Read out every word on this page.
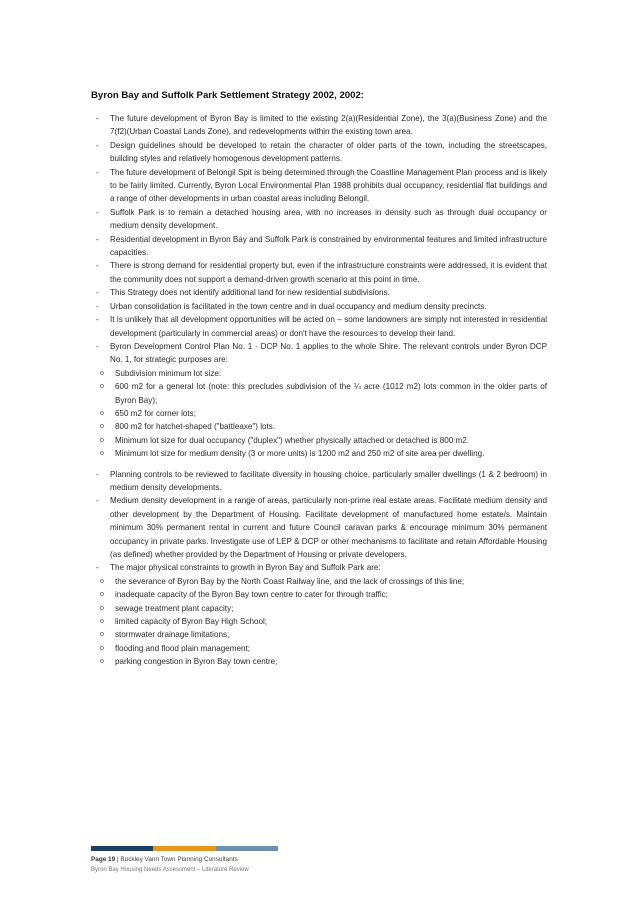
Byron Bay and Suffolk Park Settlement Strategy 2002, 2002:
- The future development of Byron Bay is limited to the existing 2(a)(Residential Zone), the 3(a)(Business Zone) and the 7(f2)(Urban Coastal Lands Zone), and redevelopments within the existing town area.
- Design guidelines should be developed to retain the character of older parts of the town, including the streetscapes, building styles and relatively homogenous development patterns.
- The future development of Belongil Spit is being determined through the Coastline Management Plan process and is likely to be fairly limited. Currently, Byron Local Environmental Plan 1988 prohibits dual occupancy, residential flat buildings and a range of other developments in urban coastal areas including Belongil.
- Suffolk Park is to remain a detached housing area, with no increases in density such as through dual occupancy or medium density development.
- Residential development in Byron Bay and Suffolk Park is constrained by environmental features and limited infrastructure capacities.
- There is strong demand for residential property but, even if the infrastructure constraints were addressed, it is evident that the community does not support a demand-driven growth scenario at this point in time.
- This Strategy does not identify additional land for new residential subdivisions.
- Urban consolidation is facilitated in the town centre and in dual occupancy and medium density precincts.
- It is unlikely that all development opportunities will be acted on – some landowners are simply not interested in residential development (particularly in commercial areas) or don't have the resources to develop their land.
- Byron Development Control Plan No. 1 - DCP No. 1 applies to the whole Shire. The relevant controls under Byron DCP No. 1, for strategic purposes are:
o Subdivision minimum lot size:
o 600 m2 for a general lot (note: this precludes subdivision of the ¼ acre (1012 m2) lots common in the older parts of Byron Bay);
o 650 m2 for corner lots;
o 800 m2 for hatchet-shaped ("battleaxe") lots.
o Minimum lot size for dual occupancy ("duplex") whether physically attached or detached is 800 m2.
o Minimum lot size for medium density (3 or more units) is 1200 m2 and 250 m2 of site area per dwelling.
- Planning controls to be reviewed to facilitate diversity in housing choice, particularly smaller dwellings (1 & 2 bedroom) in medium density developments.
- Medium density development in a range of areas, particularly non-prime real estate areas. Facilitate medium density and other development by the Department of Housing. Facilitate development of manufactured home estate/s. Maintain minimum 30% permanent rental in current and future Council caravan parks & encourage minimum 30% permanent occupancy in private parks. Investigate use of LEP & DCP or other mechanisms to facilitate and retain Affordable Housing (as defined) whether provided by the Department of Housing or private developers.
- The major physical constraints to growth in Byron Bay and Suffolk Park are:
o the severance of Byron Bay by the North Coast Railway line, and the lack of crossings of this line;
o inadequate capacity of the Byron Bay town centre to cater for through traffic;
o sewage treatment plant capacity;
o limited capacity of Byron Bay High School;
o stormwater drainage limitations;
o flooding and flood plain management;
o parking congestion in Byron Bay town centre;
Page 19 | Buckley Vann Town Planning Consultants
Byron Bay Housing Needs Assessment – Literature Review
